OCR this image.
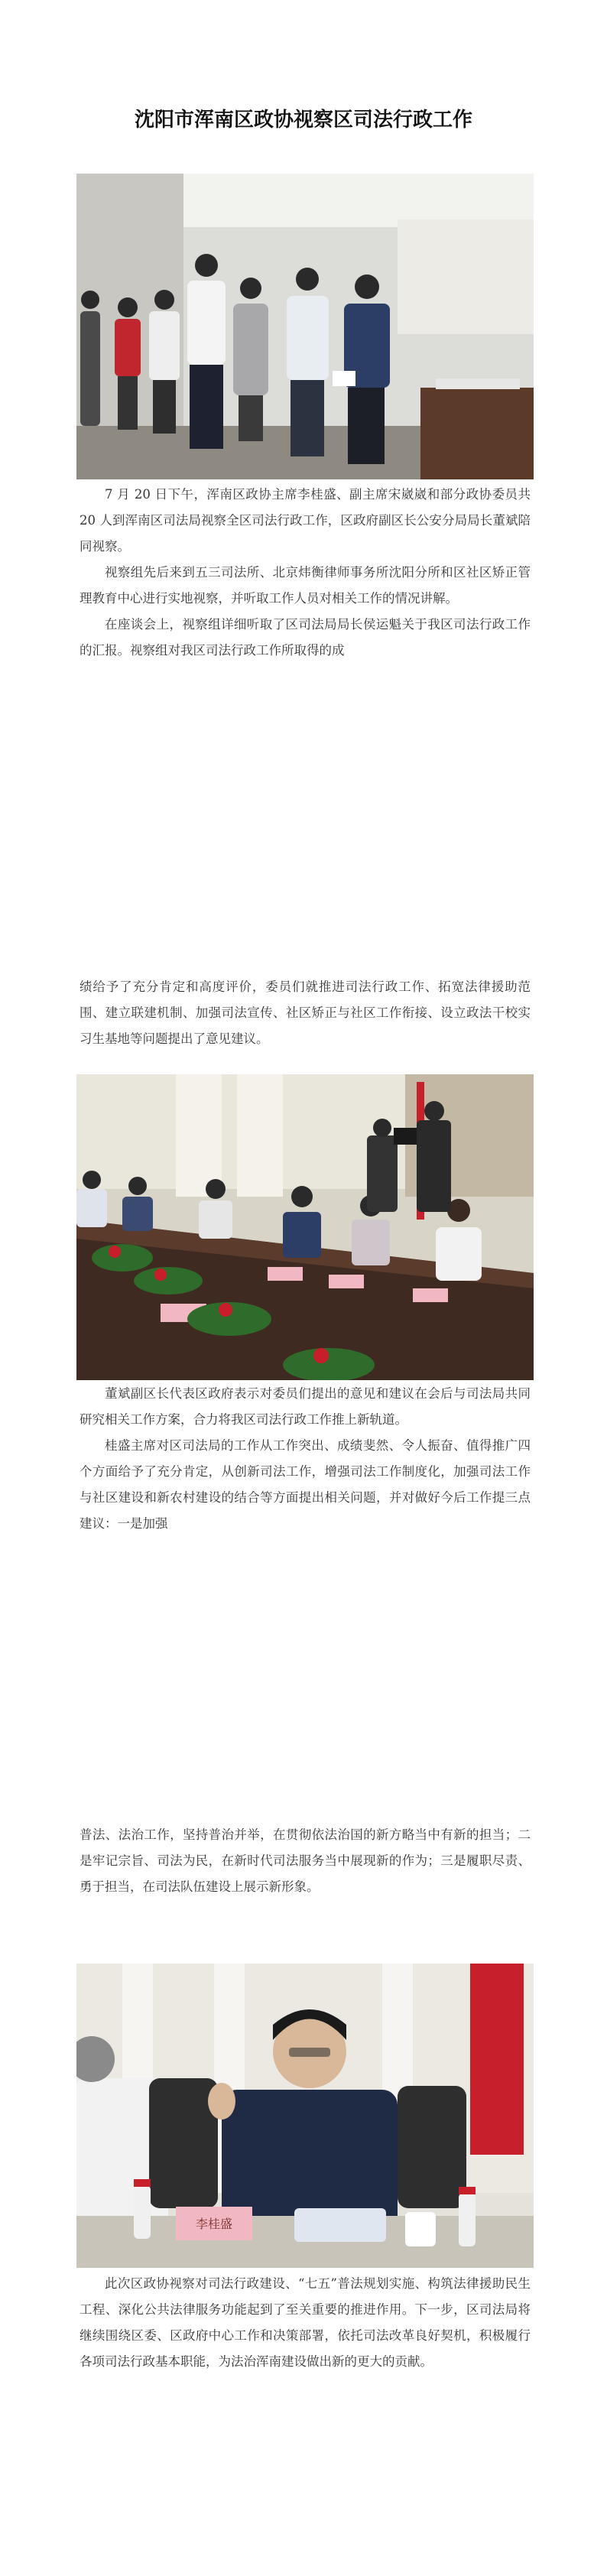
沈阳市浑南区政协视察区司法行政工作

7 月 20 日下午，浑南区政协主席李桂盛、副主席宋崴崴和部分政协委员共 20 人到浑南区司法局视察全区司法行政工作，区政府副区长公安分局局长董斌陪同视察。

视察组先后来到五三司法所、北京炜衡律师事务所沈阳分所和区社区矫正管理教育中心进行实地视察，并听取工作人员对相关工作的情况讲解。

在座谈会上，视察组详细听取了区司法局局长侯运魁关于我区司法行政工作的汇报。视察组对我区司法行政工作所取得的成

绩给予了充分肯定和高度评价，委员们就推进司法行政工作、拓宽法律援助范围、建立联建机制、加强司法宣传、社区矫正与社区工作衔接、设立政法干校实习生基地等问题提出了意见建议。

董斌副区长代表区政府表示对委员们提出的意见和建议在会后与司法局共同研究相关工作方案，合力将我区司法行政工作推上新轨道。

桂盛主席对区司法局的工作从工作突出、成绩斐然、令人振奋、值得推广四个方面给予了充分肯定，从创新司法工作，增强司法工作制度化，加强司法工作与社区建设和新农村建设的结合等方面提出相关问题，并对做好今后工作提三点建议：一是加强

普法、法治工作，坚持普治并举，在贯彻依法治国的新方略当中有新的担当；二是牢记宗旨、司法为民，在新时代司法服务当中展现新的作为；三是履职尽责、勇于担当，在司法队伍建设上展示新形象。

李桂盛

此次区政协视察对司法行政建设、“七五”普法规划实施、构筑法律援助民生工程、深化公共法律服务功能起到了至关重要的推进作用。下一步，区司法局将继续围绕区委、区政府中心工作和决策部署，依托司法改革良好契机，积极履行各项司法行政基本职能，为法治浑南建设做出新的更大的贡献。
